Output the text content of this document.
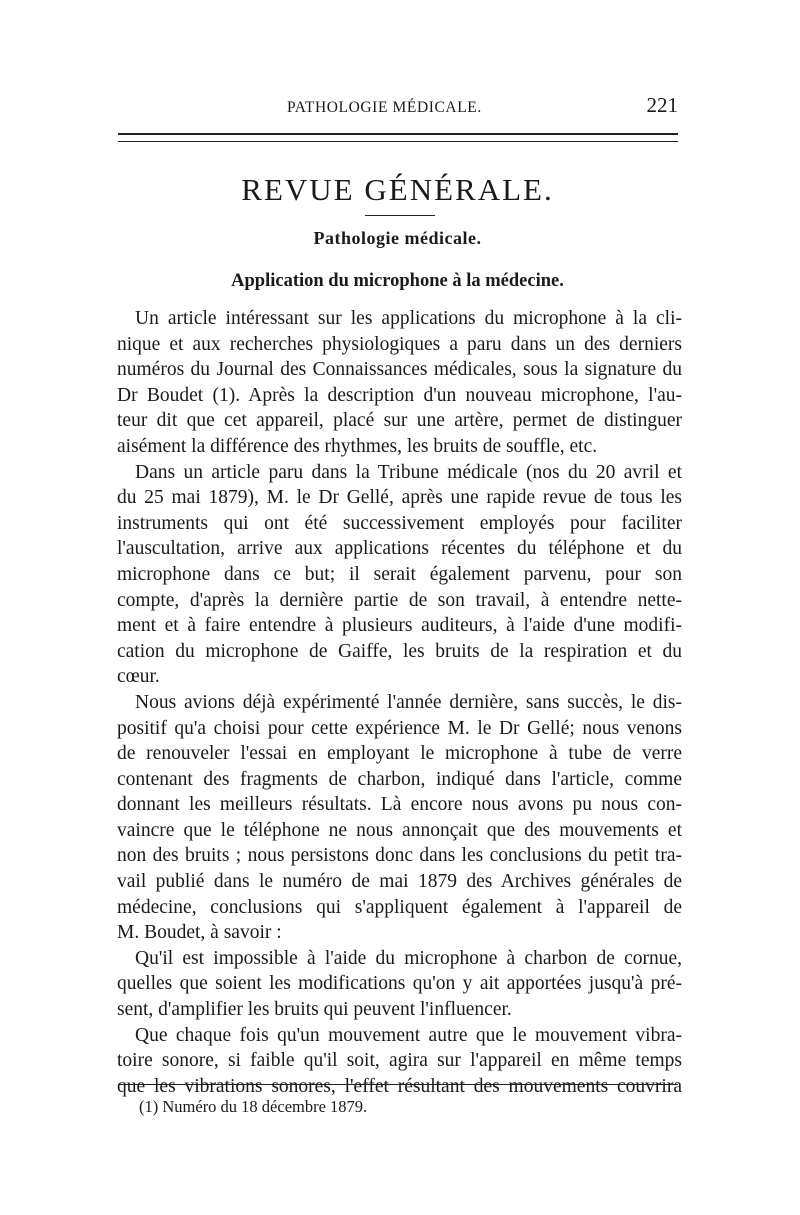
PATHOLOGIE MÉDICALE.	221
REVUE GÉNÉRALE.
Pathologie médicale.
Application du microphone à la médecine.
Un article intéressant sur les applications du microphone à la cli-
nique et aux recherches physiologiques a paru dans un des derniers
numéros du Journal des Connaissances médicales, sous la signature du
Dr Boudet (1). Après la description d'un nouveau microphone, l'au-
teur dit que cet appareil, placé sur une artère, permet de distinguer
aisément la différence des rhythmes, les bruits de souffle, etc.
Dans un article paru dans la Tribune médicale (nos du 20 avril et
du 25 mai 1879), M. le Dr Gellé, après une rapide revue de tous les
instruments qui ont été successivement employés pour faciliter
l'auscultation, arrive aux applications récentes du téléphone et du
microphone dans ce but; il serait également parvenu, pour son
compte, d'après la dernière partie de son travail, à entendre nette-
ment et à faire entendre à plusieurs auditeurs, à l'aide d'une modifi-
cation du microphone de Gaiffe, les bruits de la respiration et du
cœur.
Nous avions déjà expérimenté l'année dernière, sans succès, le dis-
positif qu'a choisi pour cette expérience M. le Dr Gellé; nous venons
de renouveler l'essai en employant le microphone à tube de verre
contenant des fragments de charbon, indiqué dans l'article, comme
donnant les meilleurs résultats. Là encore nous avons pu nous con-
vaincre que le téléphone ne nous annonçait que des mouvements et
non des bruits ; nous persistons donc dans les conclusions du petit tra-
vail publié dans le numéro de mai 1879 des Archives générales de
médecine, conclusions qui s'appliquent également à l'appareil de
M. Boudet, à savoir :
Qu'il est impossible à l'aide du microphone à charbon de cornue,
quelles que soient les modifications qu'on y ait apportées jusqu'à pré-
sent, d'amplifier les bruits qui peuvent l'influencer.
Que chaque fois qu'un mouvement autre que le mouvement vibra-
toire sonore, si faible qu'il soit, agira sur l'appareil en même temps
que les vibrations sonores, l'effet résultant des mouvements couvrira
(1) Numéro du 18 décembre 1879.
